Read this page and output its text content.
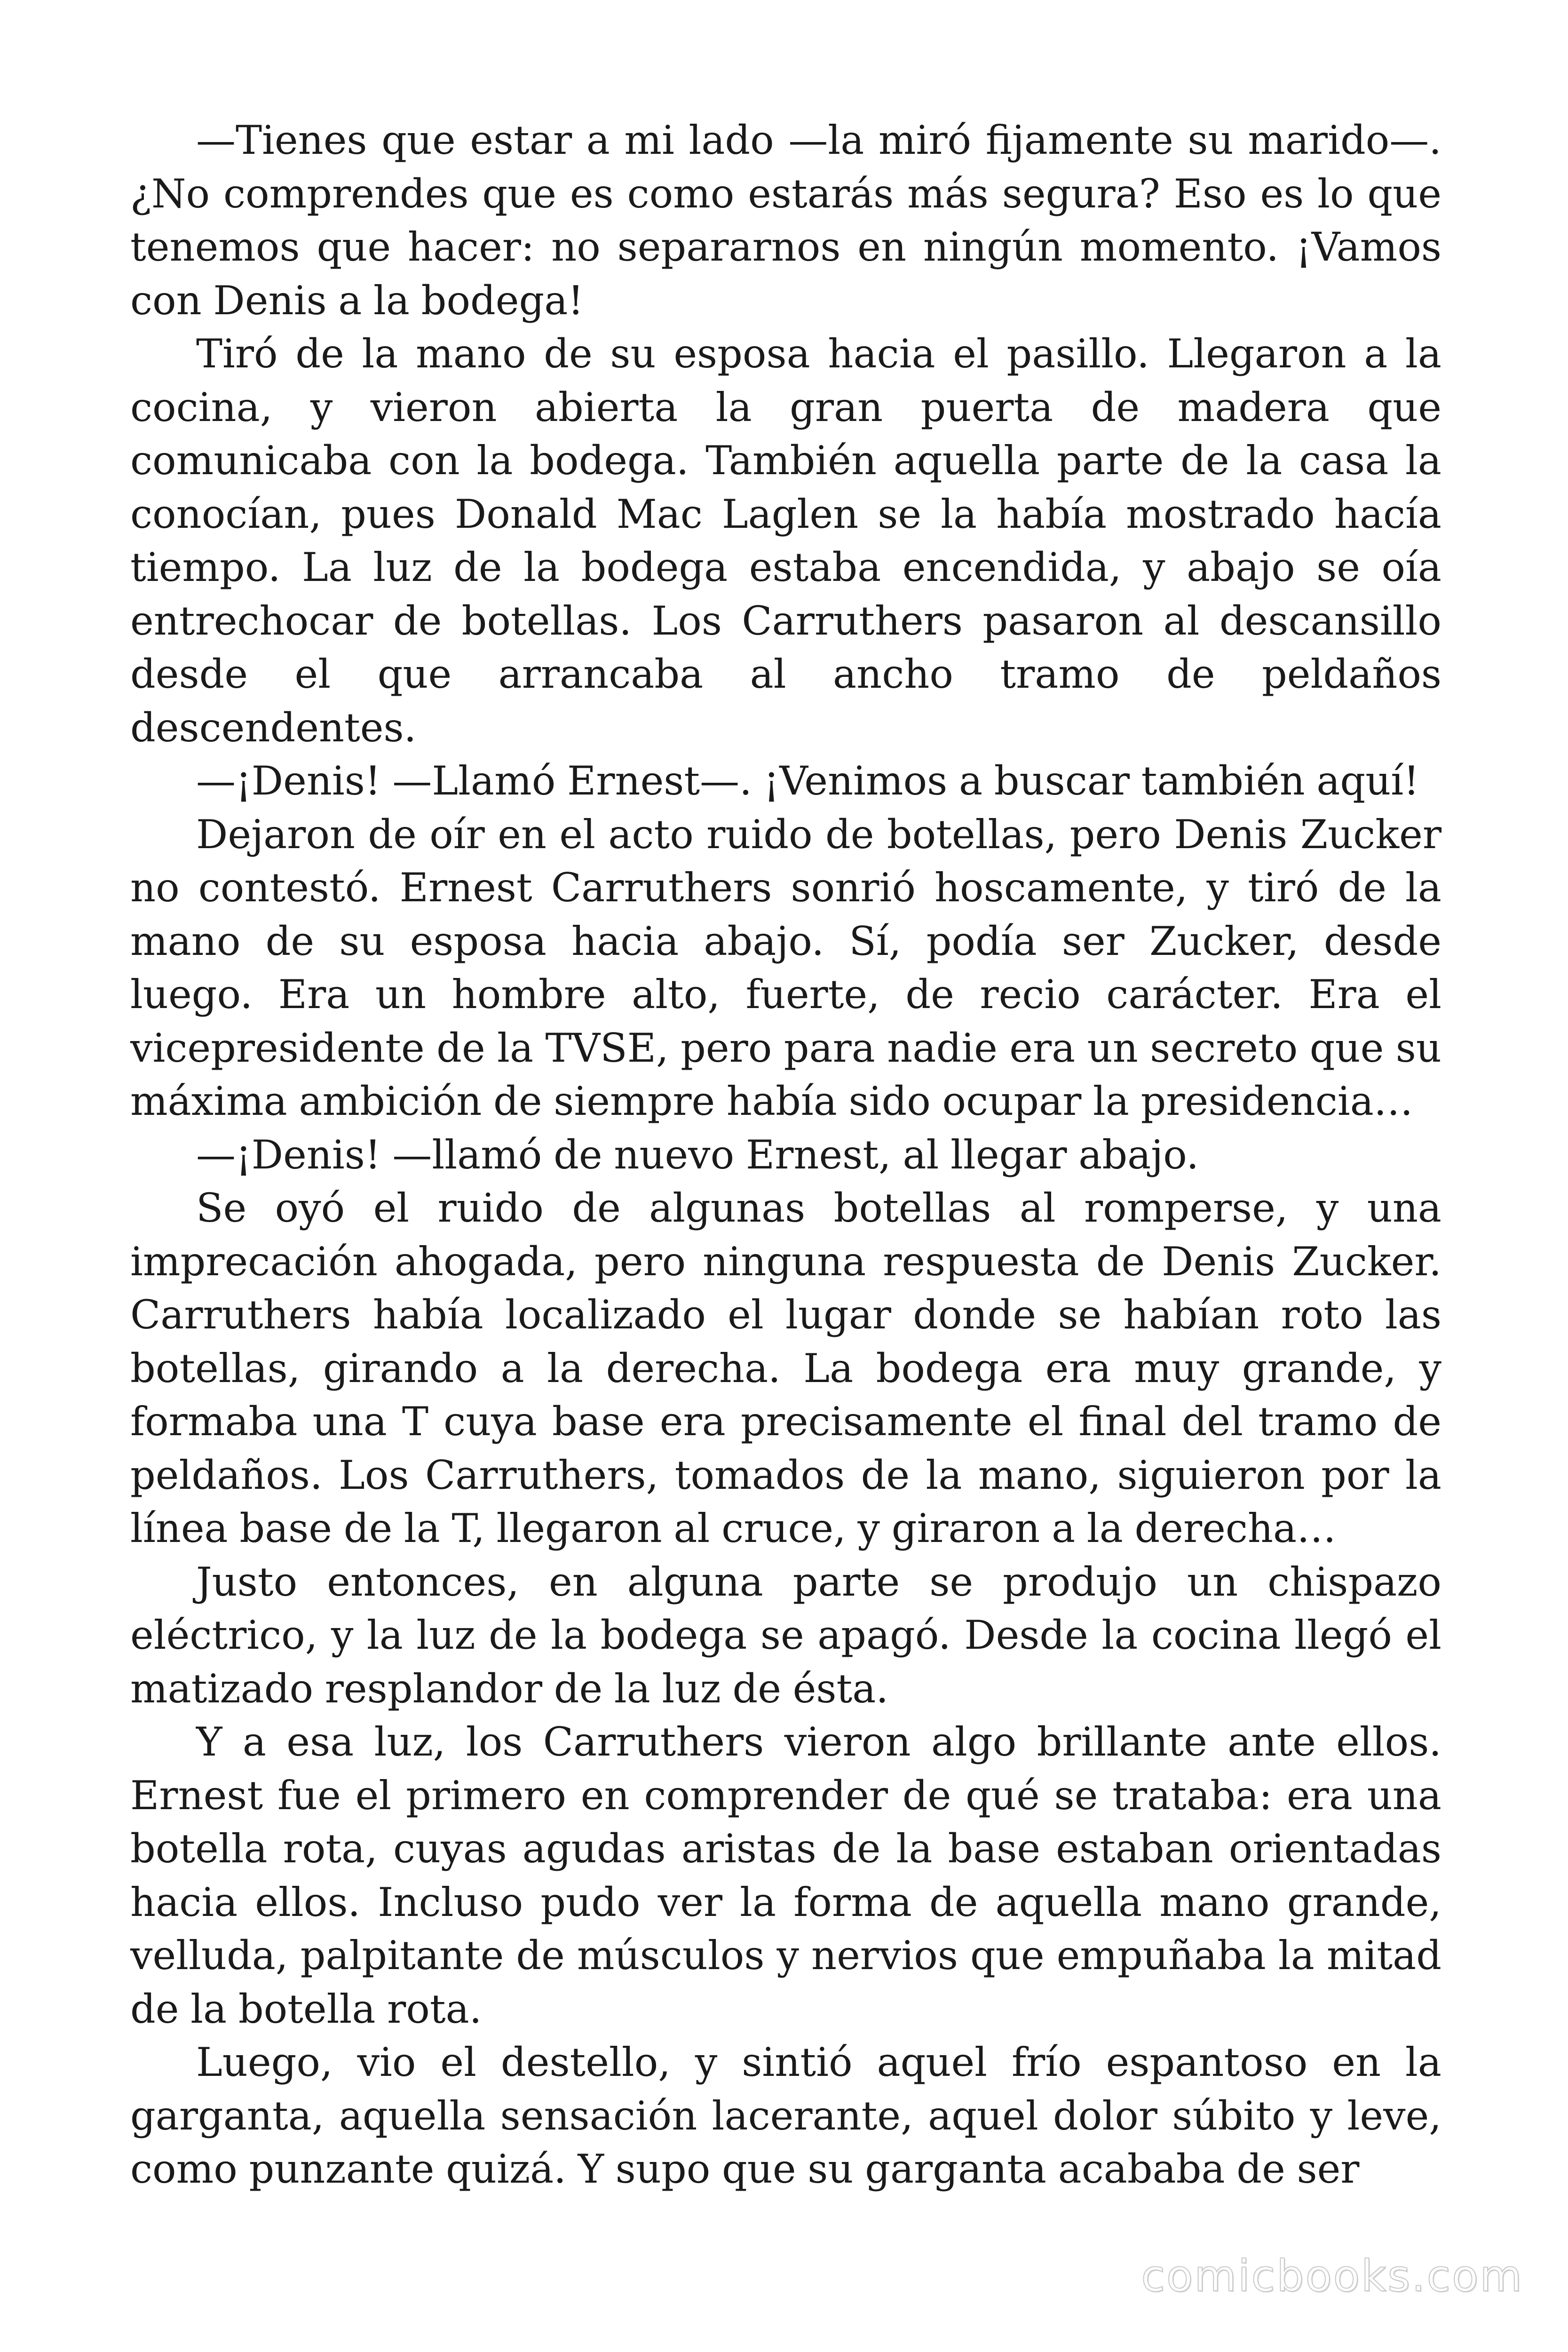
—Tienes que estar a mi lado —la miró fijamente su marido—. ¿No comprendes que es como estarás más segura? Eso es lo que tenemos que hacer: no separarnos en ningún momento. ¡Vamos con Denis a la bodega!

Tiró de la mano de su esposa hacia el pasillo. Llegaron a la cocina, y vieron abierta la gran puerta de madera que comunicaba con la bodega. También aquella parte de la casa la conocían, pues Donald Mac Laglen se la había mostrado hacía tiempo. La luz de la bodega estaba encendida, y abajo se oía entrechocar de botellas. Los Carruthers pasaron al descansillo desde el que arrancaba al ancho tramo de peldaños descendentes.

—¡Denis! —Llamó Ernest—. ¡Venimos a buscar también aquí!

Dejaron de oír en el acto ruido de botellas, pero Denis Zucker no contestó. Ernest Carruthers sonrió hoscamente, y tiró de la mano de su esposa hacia abajo. Sí, podía ser Zucker, desde luego. Era un hombre alto, fuerte, de recio carácter. Era el vicepresidente de la TVSE, pero para nadie era un secreto que su máxima ambición de siempre había sido ocupar la presidencia…

—¡Denis! —llamó de nuevo Ernest, al llegar abajo.

Se oyó el ruido de algunas botellas al romperse, y una imprecación ahogada, pero ninguna respuesta de Denis Zucker. Carruthers había localizado el lugar donde se habían roto las botellas, girando a la derecha. La bodega era muy grande, y formaba una T cuya base era precisamente el final del tramo de peldaños. Los Carruthers, tomados de la mano, siguieron por la línea base de la T, llegaron al cruce, y giraron a la derecha…

Justo entonces, en alguna parte se produjo un chispazo eléctrico, y la luz de la bodega se apagó. Desde la cocina llegó el matizado resplandor de la luz de ésta.

Y a esa luz, los Carruthers vieron algo brillante ante ellos. Ernest fue el primero en comprender de qué se trataba: era una botella rota, cuyas agudas aristas de la base estaban orientadas hacia ellos. Incluso pudo ver la forma de aquella mano grande, velluda, palpitante de músculos y nervios que empuñaba la mitad de la botella rota.

Luego, vio el destello, y sintió aquel frío espantoso en la garganta, aquella sensación lacerante, aquel dolor súbito y leve, como punzante quizá. Y supo que su garganta acababa de ser

comicbooks.com
